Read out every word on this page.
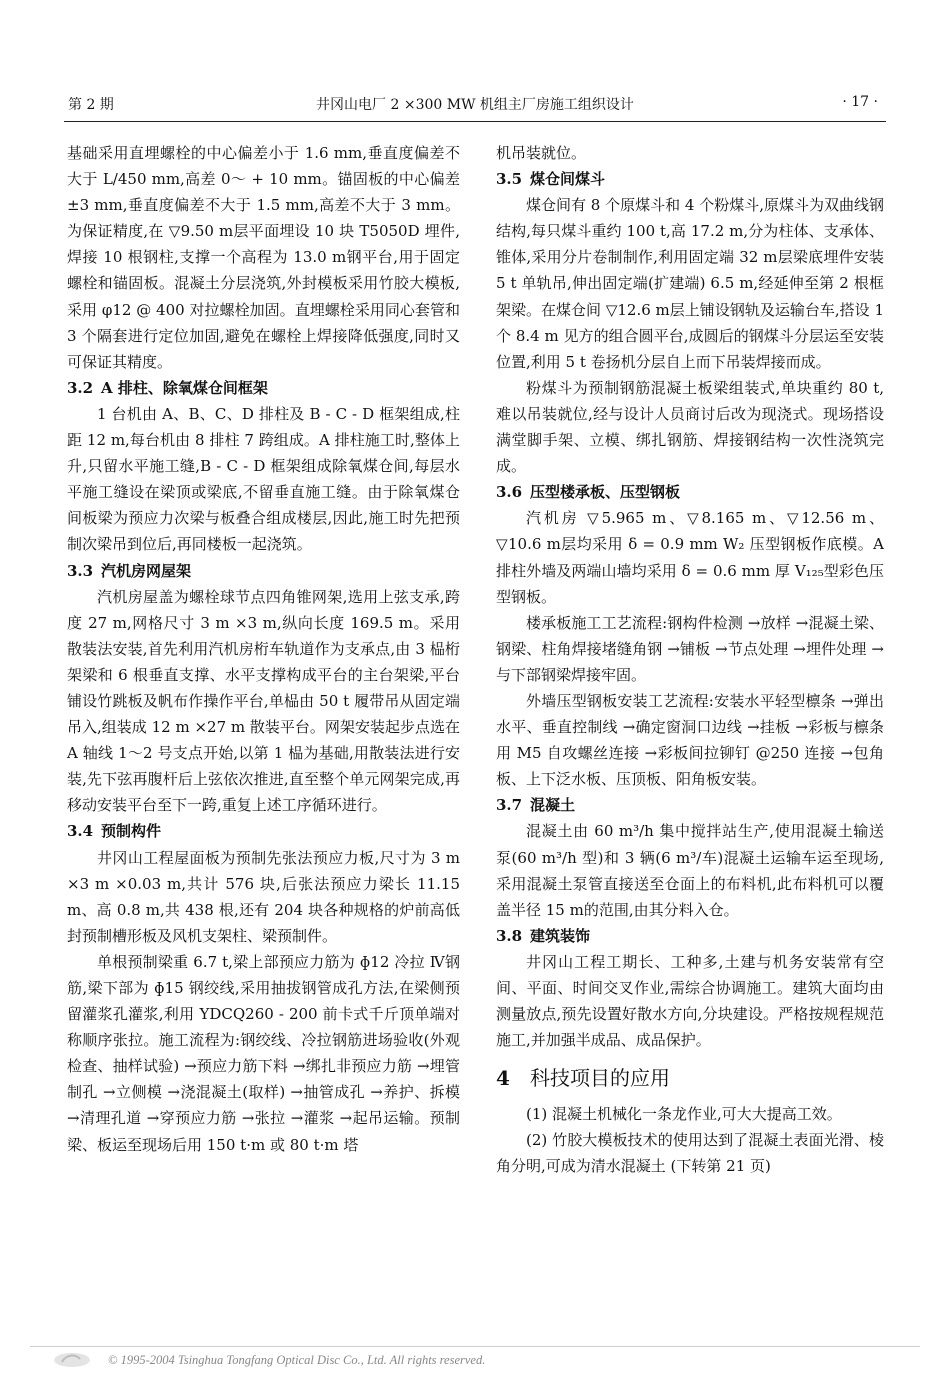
第 2 期	井冈山电厂 2 ×300 MW 机组主厂房施工组织设计	· 17 ·

基础采用直埋螺栓的中心偏差小于 1.6 mm,垂直度偏差不大于 L/450 mm,高差 0～ + 10 mm。锚固板的中心偏差 ±3 mm,垂直度偏差不大于 1.5 mm,高差不大于 3 mm。为保证精度,在 ▽9.50 m层平面埋设 10 块 T5050D 埋件,焊接 10 根钢柱,支撑一个高程为 13.0 m钢平台,用于固定螺栓和锚固板。混凝土分层浇筑,外封模板采用竹胶大模板,采用 φ12 @ 400 对拉螺栓加固。直埋螺栓采用同心套管和 3 个隔套进行定位加固,避免在螺栓上焊接降低强度,同时又可保证其精度。

3.2 A 排柱、除氧煤仓间框架

1 台机由 A、B、C、D 排柱及 B - C - D 框架组成,柱距 12 m,每台机由 8 排柱 7 跨组成。A 排柱施工时,整体上升,只留水平施工缝,B - C - D 框架组成除氧煤仓间,每层水平施工缝设在梁顶或梁底,不留垂直施工缝。由于除氧煤仓间板梁为预应力次梁与板叠合组成楼层,因此,施工时先把预制次梁吊到位后,再同楼板一起浇筑。

3.3 汽机房网屋架

汽机房屋盖为螺栓球节点四角锥网架,选用上弦支承,跨度 27 m,网格尺寸 3 m ×3 m,纵向长度 169.5 m。采用散装法安装,首先利用汽机房桁车轨道作为支承点,由 3 榀桁架梁和 6 根垂直支撑、水平支撑构成平台的主台架梁,平台铺设竹跳板及帆布作操作平台,单榀由 50 t 履带吊从固定端吊入,组装成 12 m ×27 m 散装平台。网架安装起步点选在 A 轴线 1～2 号支点开始,以第 1 榀为基础,用散装法进行安装,先下弦再腹杆后上弦依次推进,直至整个单元网架完成,再移动安装平台至下一跨,重复上述工序循环进行。

3.4 预制构件

井冈山工程屋面板为预制先张法预应力板,尺寸为 3 m ×3 m ×0.03 m,共计 576 块,后张法预应力梁长 11.15 m、高 0.8 m,共 438 根,还有 204 块各种规格的炉前高低封预制槽形板及风机支架柱、梁预制件。

单根预制梁重 6.7 t,梁上部预应力筋为 ɸ12 冷拉 Ⅳ钢筋,梁下部为 ɸ15 钢绞线,采用抽拔钢管成孔方法,在梁侧预留灌浆孔灌浆,利用 YDCQ260 - 200 前卡式千斤顶单端对称顺序张拉。施工流程为:钢绞线、冷拉钢筋进场验收(外观检查、抽样试验) →预应力筋下料 →绑扎非预应力筋 →埋管制孔 →立侧模 →浇混凝土(取样) →抽管成孔 →养护、拆模 →清理孔道 →穿预应力筋 →张拉 →灌浆 →起吊运输。预制梁、板运至现场后用 150 t·m 或 80 t·m 塔

机吊装就位。

3.5 煤仓间煤斗

煤仓间有 8 个原煤斗和 4 个粉煤斗,原煤斗为双曲线钢结构,每只煤斗重约 100 t,高 17.2 m,分为柱体、支承体、锥体,采用分片卷制制作,利用固定端 32 m层梁底埋件安装 5 t 单轨吊,伸出固定端(扩建端) 6.5 m,经延伸至第 2 根框架梁。在煤仓间 ▽12.6 m层上铺设钢轨及运输台车,搭设 1 个 8.4 m 见方的组合圆平台,成圆后的钢煤斗分层运至安装位置,利用 5 t 卷扬机分层自上而下吊装焊接而成。

粉煤斗为预制钢筋混凝土板梁组装式,单块重约 80 t,难以吊装就位,经与设计人员商讨后改为现浇式。现场搭设满堂脚手架、立模、绑扎钢筋、焊接钢结构一次性浇筑完成。

3.6 压型楼承板、压型钢板

汽机房 ▽5.965 m、▽8.165 m、▽12.56 m、▽10.6 m层均采用 δ = 0.9 mm W₂ 压型钢板作底模。A 排柱外墙及两端山墙均采用 δ = 0.6 mm 厚 V₁₂₅型彩色压型钢板。

楼承板施工工艺流程:钢构件检测 →放样 →混凝土梁、钢梁、柱角焊接堵缝角钢 →铺板 →节点处理 →埋件处理 →与下部钢梁焊接牢固。

外墙压型钢板安装工艺流程:安装水平轻型檩条 →弹出水平、垂直控制线 →确定窗洞口边线 →挂板 →彩板与檩条用 M5 自攻螺丝连接 →彩板间拉铆钉 @250 连接 →包角板、上下泛水板、压顶板、阳角板安装。

3.7 混凝土

混凝土由 60 m³/h 集中搅拌站生产,使用混凝土输送泵(60 m³/h 型)和 3 辆(6 m³/车)混凝土运输车运至现场,采用混凝土泵管直接送至仓面上的布料机,此布料机可以覆盖半径 15 m的范围,由其分料入仓。

3.8 建筑装饰

井冈山工程工期长、工种多,土建与机务安装常有空间、平面、时间交叉作业,需综合协调施工。建筑大面均由测量放点,预先设置好散水方向,分块建设。严格按规程规范施工,并加强半成品、成品保护。

4 科技项目的应用

(1) 混凝土机械化一条龙作业,可大大提高工效。

(2) 竹胶大模板技术的使用达到了混凝土表面光滑、棱角分明,可成为清水混凝土 (下转第 21 页)

© 1995-2004 Tsinghua Tongfang Optical Disc Co., Ltd. All rights reserved.
